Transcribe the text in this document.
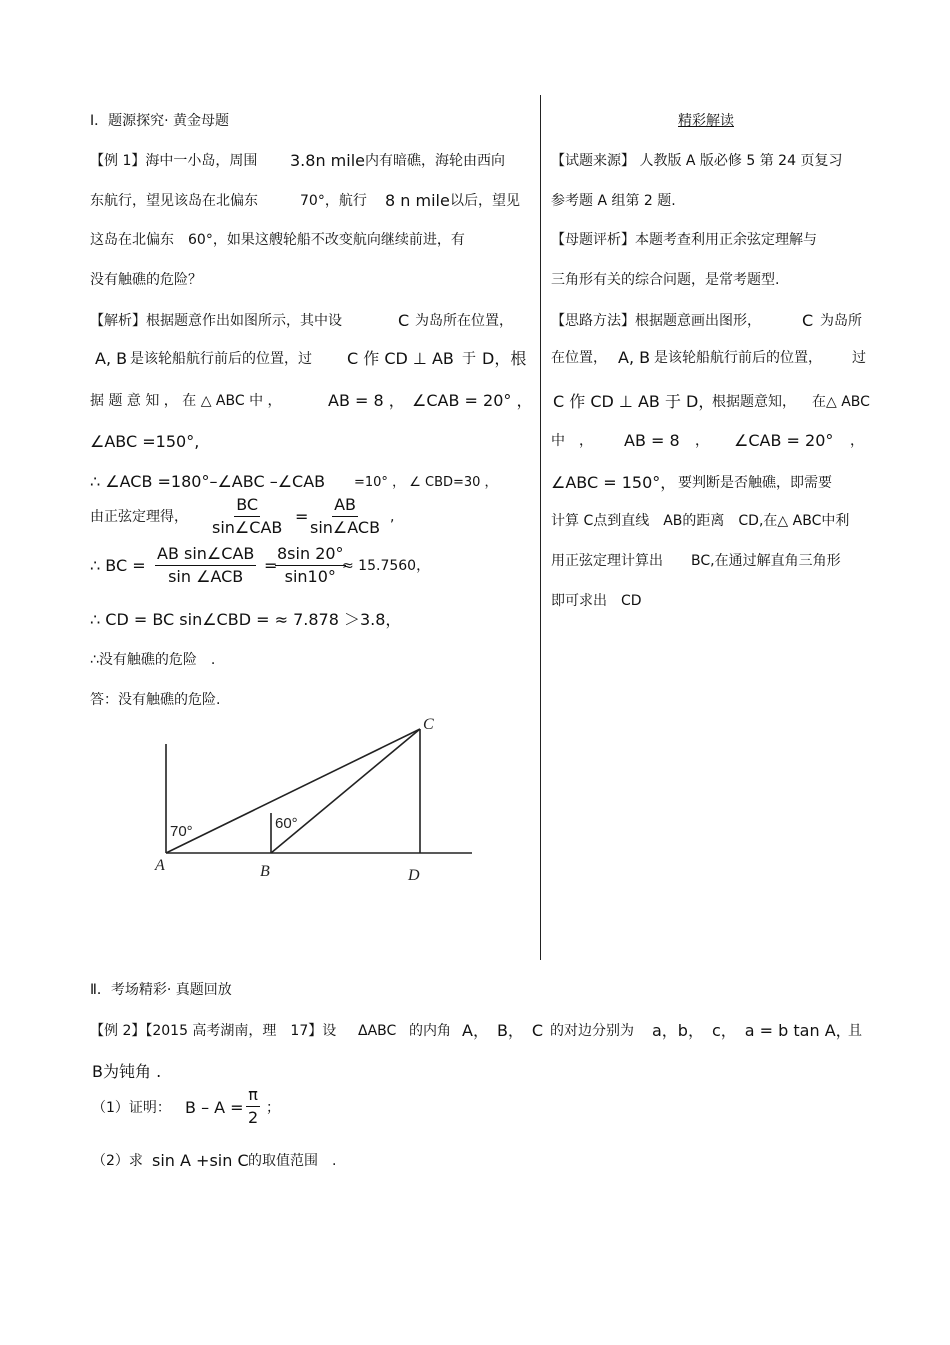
Ⅰ．题源探究· 黄金母题
【例 1】海中一小岛，周围 3.8n mile 内有暗礁，海轮由西向
东航行，望见该岛在北偏东	70°，航行 8 n mile 以后，望见
这岛在北偏东　60°，如果这艘轮船不改变航向继续前进，有
没有触礁的危险？
【解析】根据题意作出如图所示，其中设	C 为岛所在位置，
A, B 是该轮船航行前后的位置，过 C 作 CD ⊥ AB 于 D，根
据 题 意 知 ， 在 △ ABC 中 ，	AB = 8 ， ∠CAB = 20° ，
∠ABC =150°,
∴ ∠ACB =180°–∠ABC –∠CAB =10° ， ∠ CBD=30 ，
由正弦定理得，
BC
sin∠CAB
=
AB
sin∠ACB
,
∴ BC =
AB sin∠CAB
sin ∠ACB
=
$\frac{8\sin 20^\circ}{\sin 10^\circ}$
≈ 15.7560，
∴ CD = BC sin∠CBD = ≈ 7.878 ＞3.8，
∴没有触礁的危险　.
答：没有触礁的危险.
A	B
C
D
70°	60°
精彩解读
【试题来源】 人教版 A 版必修 5 第 24 页复习
参考题 A 组第 2 题.
【母题评析】本题考查利用正余弦定理解与
三角形有关的综合问题，是常考题型.
【思路方法】根据题意画出图形，	C 为岛所
在位置， A, B 是该轮船航行前后的位置， 过
C 作 CD ⊥ AB 于 D，
根据题意知， 在△ ABC
中　， AB = 8 ， ∠CAB = 20° ，
∠ABC = 150°， 要判断是否触礁，即需要
计算 C点到直线　AB的距离　CD,在△ ABC中利
用正弦定理计算出　　BC,在通过解直角三角形
即可求出　CD
Ⅱ．考场精彩· 真题回放
【例 2】【2015 高考湖南，理　17】设 ΔABC 的内角 A，　B，　C 的对边分别为 a，b，　c，　a = b tan A，
且
B为钝角 .
（1）证明： $B - A = \frac{\pi}{2}$ ；
（2）求 sin A +sin C 的取值范围　.
